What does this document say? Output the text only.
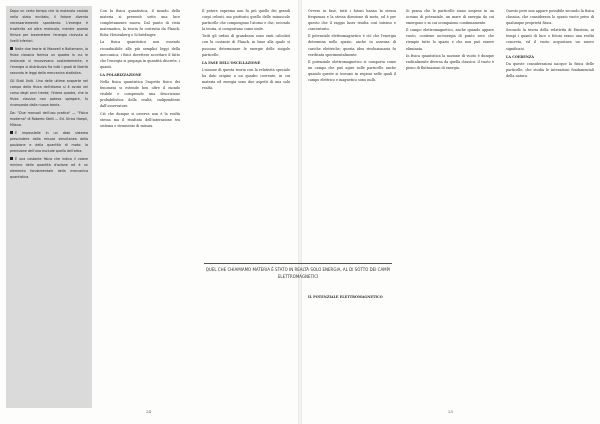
Dopo un certo tempo che la molecola caduta nello stato eccitato, il fotone diventa necessariamente spontaneo. L'energia è trasferita ad altra molecola, mentre questa finisce per trasmettere l'energia ricevuta ai livelli inferiori.

Nelle due teorie di Maxwell e Boltzmann, la fisica classica forniva un quadro in cui le molecole si muovevano costantemente, e l'energia si distribuiva fra tutti i gradi di libertà secondo le leggi della meccanica statistica.

Gli Stati Uniti. Una delle ultime scoperte nel campo della fisica dell'atomo si è avuta nel corso degli anni trenta; l'intero quadro, che la fisica classica non poteva spiegare, fu ricomposto dalla nuova teoria.

Da: "Due manuali dell'uso pratico" — "Fisica moderna" di Roberto Stelli — Ed. Ulrico Hoepli, Milano.

È impossibile in un dato sistema prescindere dalla misura simultanea della posizione e della quantità di moto: la precisione dell'una esclude quella dell'altra.

È una costante fisica che indica il valore minimo della quantità d'azione ed è un elemento fondamentale della meccanica quantistica.

Con la fisica quantistica, il mondo della materia si presentò sotto una luce completamente nuova. Dal punto di vista matematico, la teoria fu costruita da Planck, Bohr, Heisenberg e Schrödinger.

La fisica quantistica non essendo riconducibile alle più semplici leggi della meccanica, i fisici dovettero accettare il fatto che l'energia si propaga in quantità discrete, i quanti.

LA POLARIZZAZIONE

Nella fisica quantistica l'aspetto fisico dei fenomeni si estende ben oltre il mondo visibile e comprende una descrizione probabilistica della realtà, indipendente dall'osservatore.

Ciò che dunque si osserva non è la realtà stessa ma il risultato dell'interazione tra sistema e strumento di misura.

Il potere suprema non fu più quello dei grandi corpi celesti, ma piuttosto quello delle minuscole particelle che compongono l'atomo e che, secondo la teoria, si comportano come onde.

Tutti gli ordini di grandezza sono stati calcolati con la costante di Planck, in base alla quale si possono determinare le energie delle singole particelle.

LA FASE DELL'OSCILLAZIONE

L'unione di questa teoria con la relatività speciale ha dato origine a un quadro coerente, in cui materia ed energia sono due aspetti di una sola realtà.

24

Ovvero in fase, tutti i fotoni hanno la stessa frequenza e la stessa direzione di moto, ed è per questo che il raggio laser risulta così intenso e concentrato.

Il potenziale elettromagnetico è ciò che l'energia determina nello spazio, anche in assenza di cariche elettriche; questa idea rivoluzionaria fu verificata sperimentalmente.

Il potenziale elettromagnetico si comporta come un campo che può agire sulle particelle anche quando queste si trovano in regioni nelle quali il campo elettrico e magnetico sono nulli.

Si pensa che le particelle siano sospese in un oceano di potenziale, un mare di energia da cui emergono e in cui scompaiono continuamente.

Il campo elettromagnetico, anche quando appare vuoto, contiene un'energia di punto zero che riempie tutto lo spazio e che non può essere eliminata.

In fisica quantistica la nozione di vuoto è dunque radicalmente diversa da quella classica: il vuoto è pieno di fluttuazioni di energia.

Questo però non appare possibile secondo la fisica classica, che considerava lo spazio vuoto privo di qualunque proprietà fisica.

Secondo la teoria della relatività di Einstein, ai tempi i quanti di luce o fotoni erano una realtà concreta, ed il vuoto acquistava un nuovo significato.

LA COERENZA

Da queste considerazioni nacque la fisica delle particelle, che studia le interazioni fondamentali della natura.

IL POTENZIALE ELETTROMAGNETICO

25
QUEL CHE CHIAMIAMO MATERIA È STATO IN REALTÀ SOLO ENERGIA, AL DI SOTTO DEI CAMPI ELETTROMAGNETICI
